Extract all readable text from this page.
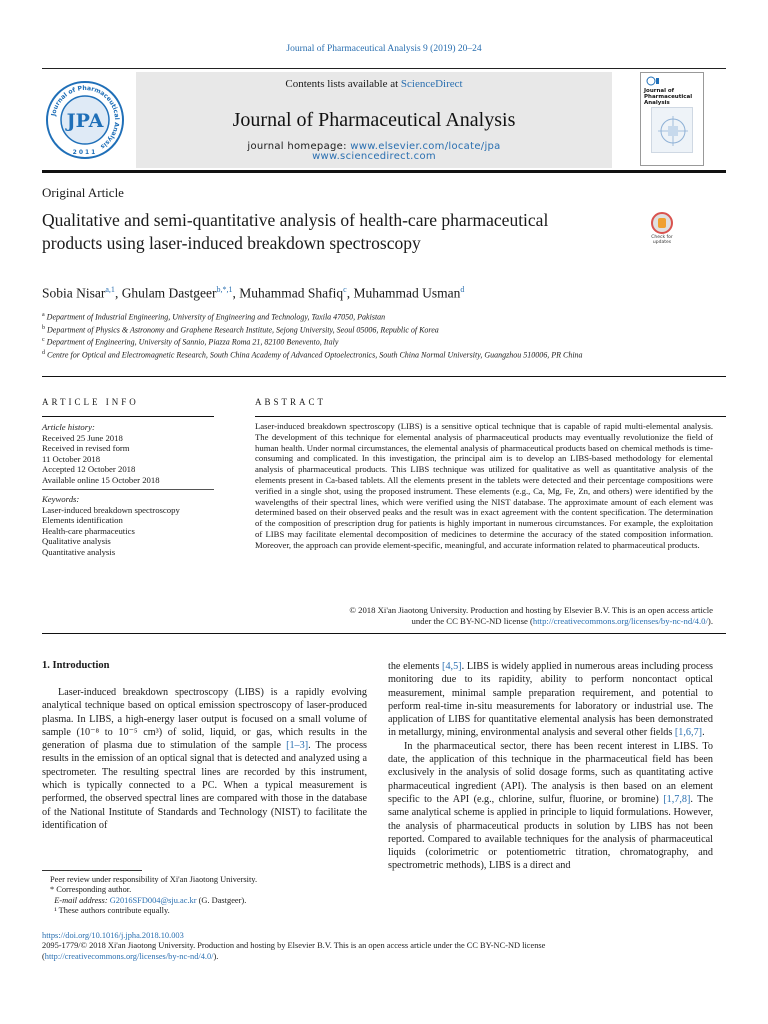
Journal of Pharmaceutical Analysis 9 (2019) 20–24
Journal of Pharmaceutical Analysis
JPA
2011
Contents lists available at ScienceDirect
Journal of Pharmaceutical Analysis
journal homepage: www.elsevier.com/locate/jpa
www.sciencedirect.com
Journal of Pharmaceutical Analysis
Original Article
Qualitative and semi-quantitative analysis of health-care pharmaceutical products using laser-induced breakdown spectroscopy	Check for updates
Sobia Nisar$^{a,1}$, Ghulam Dastgeer$^{b,*,1}$, Muhammad Shafiq$^c$, Muhammad Usman$^d$
$^a$ Department of Industrial Engineering, University of Engineering and Technology, Taxila 47050, Pakistan
$^b$ Department of Physics & Astronomy and Graphene Research Institute, Sejong University, Seoul 05006, Republic of Korea
$^c$ Department of Engineering, University of Sannio, Piazza Roma 21, 82100 Benevento, Italy
$^d$ Centre for Optical and Electromagnetic Research, South China Academy of Advanced Optoelectronics, South China Normal University, Guangzhou 510006, PR China
ARTICLE INFO
Article history:
Received 25 June 2018
Received in revised form
11 October 2018
Accepted 12 October 2018
Available online 15 October 2018
Keywords:
Laser-induced breakdown spectroscopy
Elements identification
Health-care pharmaceutics
Qualitative analysis
Quantitative analysis
ABSTRACT
Laser-induced breakdown spectroscopy (LIBS) is a sensitive optical technique that is capable of rapid multi-elemental analysis. The development of this technique for elemental analysis of pharmaceutical products may eventually revolutionize the field of human health. Under normal circumstances, the elemental analysis of pharmaceutical products based on chemical methods is time-consuming and complicated. In this investigation, the principal aim is to develop an LIBS-based methodology for elemental analysis of pharmaceutical products. This LIBS technique was utilized for qualitative as well as quantitative analysis of the elements present in Ca-based tablets. All the elements present in the tablets were detected and their percentage compositions were verified in a single shot, using the proposed instrument. These elements (e.g., Ca, Mg, Fe, Zn, and others) were identified by the wavelengths of their spectral lines, which were verified using the NIST database. The approximate amount of each element was determined based on their observed peaks and the result was in exact agreement with the content specification. The determination of the composition of prescription drug for patients is highly important in numerous circumstances. For example, the exploitation of LIBS may facilitate elemental decomposition of medicines to determine the accuracy of the stated composition information. Moreover, the approach can provide element-specific, meaningful, and accurate information related to pharmaceutical products.
© 2018 Xi'an Jiaotong University. Production and hosting by Elsevier B.V. This is an open access article
under the CC BY-NC-ND license (http://creativecommons.org/licenses/by-nc-nd/4.0/).
1. Introduction

Laser-induced breakdown spectroscopy (LIBS) is a rapidly evolving analytical technique based on optical emission spectroscopy of laser-produced plasma. In LIBS, a high-energy laser output is focused on a small volume of sample (10⁻⁸ to 10⁻⁵ cm³) of solid, liquid, or gas, which results in the generation of plasma due to stimulation of the sample [1–3]. The process results in the emission of an optical signal that is detected and analyzed using a spectrometer. The resulting spectral lines are recorded by this instrument, which is typically connected to a PC. When a typical measurement is performed, the observed spectral lines are compared with those in the database of the National Institute of Standards and Technology (NIST) to facilitate the identification of

the elements [4,5]. LIBS is widely applied in numerous areas including process monitoring due to its rapidity, ability to perform noncontact optical measurement, minimal sample preparation requirement, and potential to perform real-time in-situ measurements for laboratory or industrial use. The application of LIBS for quantitative elemental analysis has been demonstrated in metallurgy, mining, environmental analysis and several other fields [1,6,7].

In the pharmaceutical sector, there has been recent interest in LIBS. To date, the application of this technique in the pharmaceutical field has been exclusively in the analysis of solid dosage forms, such as quantitating active pharmaceutical ingredient (API). The analysis is then based on an element specific to the API (e.g., chlorine, sulfur, fluorine, or bromine) [1,7,8]. The same analytical scheme is applied in principle to liquid formulations. However, the analysis of pharmaceutical products in solution by LIBS has not been reported. Compared to available techniques for the analysis of pharmaceutical liquids (colorimetric or potentiometric titration, chromatography, and spectrometric methods), LIBS is a direct and

Peer review under responsibility of Xi'an Jiaotong University.
* Corresponding author.
E-mail address: G2016SFD004@sju.ac.kr (G. Dastgeer).
¹ These authors contribute equally.
https://doi.org/10.1016/j.jpha.2018.10.003
2095-1779/© 2018 Xi'an Jiaotong University. Production and hosting by Elsevier B.V. This is an open access article under the CC BY-NC-ND license
(http://creativecommons.org/licenses/by-nc-nd/4.0/).
